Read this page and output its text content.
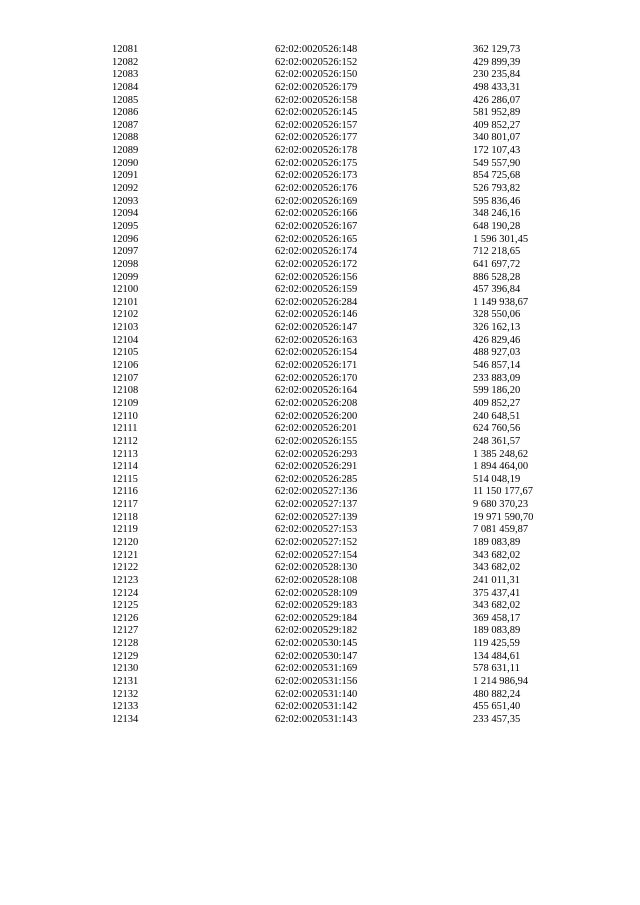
12081	62:02:0020526:148	362 129,73
12082	62:02:0020526:152	429 899,39
12083	62:02:0020526:150	230 235,84
12084	62:02:0020526:179	498 433,31
12085	62:02:0020526:158	426 286,07
12086	62:02:0020526:145	581 952,89
12087	62:02:0020526:157	409 852,27
12088	62:02:0020526:177	340 801,07
12089	62:02:0020526:178	172 107,43
12090	62:02:0020526:175	549 557,90
12091	62:02:0020526:173	854 725,68
12092	62:02:0020526:176	526 793,82
12093	62:02:0020526:169	595 836,46
12094	62:02:0020526:166	348 246,16
12095	62:02:0020526:167	648 190,28
12096	62:02:0020526:165	1 596 301,45
12097	62:02:0020526:174	712 218,65
12098	62:02:0020526:172	641 697,72
12099	62:02:0020526:156	886 528,28
12100	62:02:0020526:159	457 396,84
12101	62:02:0020526:284	1 149 938,67
12102	62:02:0020526:146	328 550,06
12103	62:02:0020526:147	326 162,13
12104	62:02:0020526:163	426 829,46
12105	62:02:0020526:154	488 927,03
12106	62:02:0020526:171	546 857,14
12107	62:02:0020526:170	233 883,09
12108	62:02:0020526:164	599 186,20
12109	62:02:0020526:208	409 852,27
12110	62:02:0020526:200	240 648,51
12111	62:02:0020526:201	624 760,56
12112	62:02:0020526:155	248 361,57
12113	62:02:0020526:293	1 385 248,62
12114	62:02:0020526:291	1 894 464,00
12115	62:02:0020526:285	514 048,19
12116	62:02:0020527:136	11 150 177,67
12117	62:02:0020527:137	9 680 370,23
12118	62:02:0020527:139	19 971 590,70
12119	62:02:0020527:153	7 081 459,87
12120	62:02:0020527:152	189 083,89
12121	62:02:0020527:154	343 682,02
12122	62:02:0020528:130	343 682,02
12123	62:02:0020528:108	241 011,31
12124	62:02:0020528:109	375 437,41
12125	62:02:0020529:183	343 682,02
12126	62:02:0020529:184	369 458,17
12127	62:02:0020529:182	189 083,89
12128	62:02:0020530:145	119 425,59
12129	62:02:0020530:147	134 484,61
12130	62:02:0020531:169	578 631,11
12131	62:02:0020531:156	1 214 986,94
12132	62:02:0020531:140	480 882,24
12133	62:02:0020531:142	455 651,40
12134	62:02:0020531:143	233 457,35
